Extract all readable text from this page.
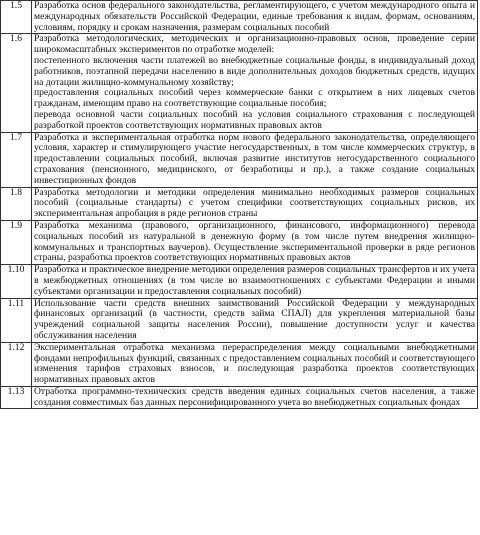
1.5	Разработка основ федерального законодательства, регламентирующего, с учетом международного опыта и международных обязательств Российской Федерации, единые требования к видам, формам, основаниям, условиям, порядку и срокам назначения, размерам социальных пособий

1.6	Разработка методологических, методических и организационно-правовых основ, проведение серии широкомасштабных экспериментов по отработке моделей:
постепенного включения части платежей во внебюджетные социальные фонды, в индивидуальный доход работников, поэтапной передачи населению в виде дополнительных доходов бюджетных средств, идущих на дотации жилищно-коммунальному хозяйству;
предоставления социальных пособий через коммерческие банки с открытием в них лицевых счетов гражданам, имеющим право на соответствующие социальные пособия;
перевода основной части социальных пособий на условия социального страхования с последующей разработкой проектов соответствующих нормативных правовых актов

1.7	Разработка и экспериментальная отработка норм нового федерального законодательства, определяющего условия, характер и стимулирующего участие негосударственных, в том числе коммерческих структур, в предоставлении социальных пособий, включая развитие институтов негосударственного социального страхования (пенсионного, медицинского, от безработицы и пр.), а также создание социальных инвестиционных фондов

1.8	Разработка методологии и методики определения минимально необходимых размеров социальных пособий (социальные стандарты) с учетом специфики соответствующих социальных рисков, их экспериментальная апробация в ряде регионов страны

1.9	Разработка механизма (правового, организационного, финансового, информационного) перевода социальных пособий из натуральной в денежную форму (в том числе путем внедрения жилищно-коммунальных и транспортных ваучеров). Осуществление экспериментальной проверки в ряде регионов страны, разработка проектов соответствующих нормативных правовых актов

1.10	Разработка и практическое внедрение методики определения размеров социальных трансфертов и их учета в межбюджетных отношениях (в том числе во взаимоотношениях с субъектами Федерации и иными субъектами организации и предоставления социальных пособий)

1.11	Использование части средств внешних заимствований Российской Федерации у международных финансовых организаций (в частности, средств займа СПАЛ) для укрепления материальной базы учреждений социальной защиты населения России), повышение доступности услуг и качества обслуживания населения

1.12	Экспериментальная отработка механизма перераспределения между социальными внебюджетными фондами непрофильных функций, связанных с предоставлением социальных пособий и соответствующего изменения тарифов страховых взносов, и последующая разработка проектов соответствующих нормативных правовых актов

1.13	Отработка программно-технических средств введения единых социальных счетов населения, а также создания совместимых баз данных персонифицированного учета во внебюджетных социальных фондах
